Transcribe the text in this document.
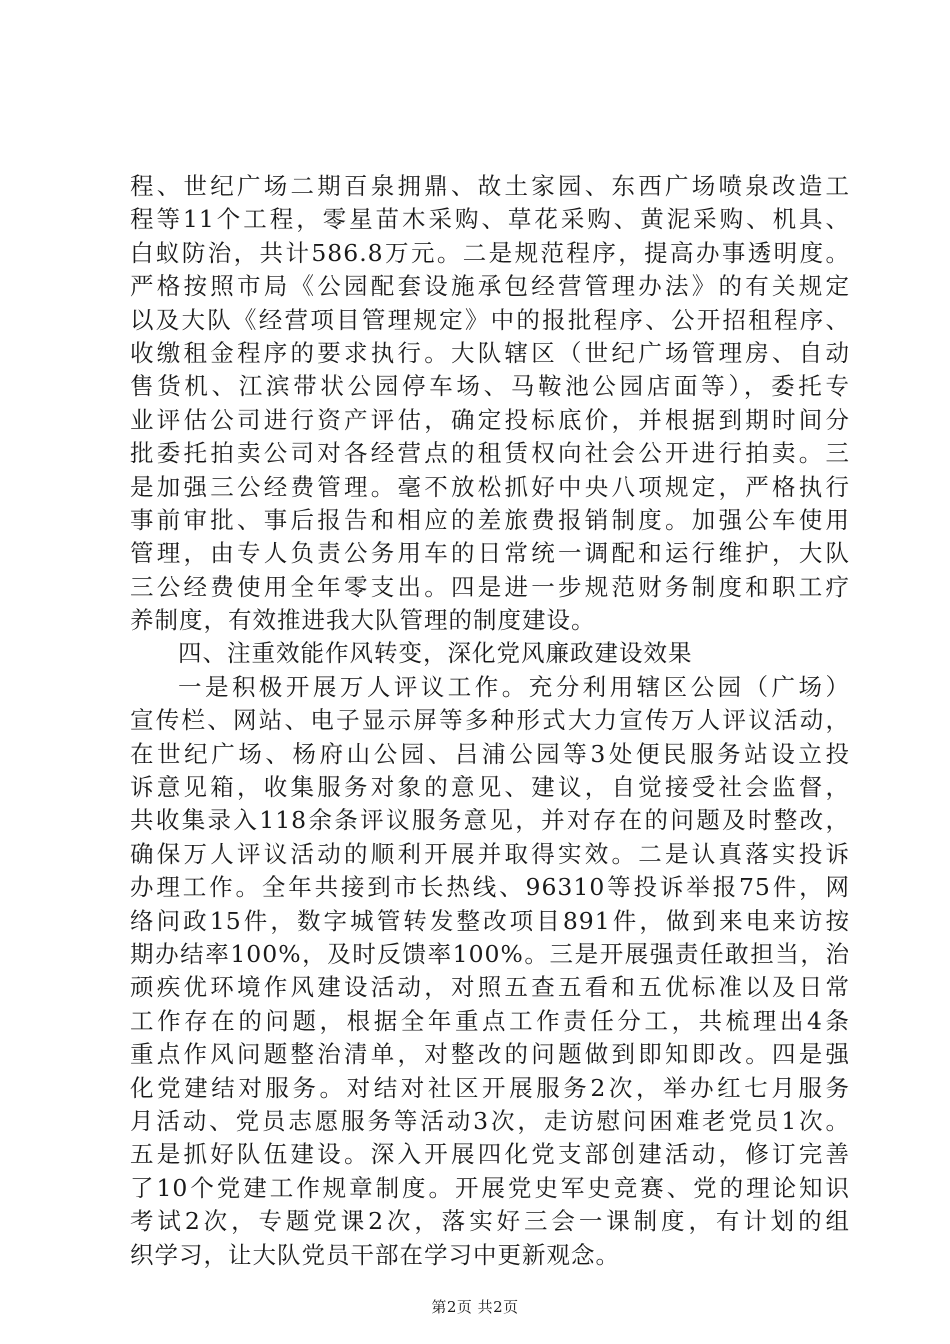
程、世纪广场二期百泉拥鼎、故土家园、东西广场喷泉改造工
程等11个工程，零星苗木采购、草花采购、黄泥采购、机具、
白蚁防治，共计586.8万元。二是规范程序，提高办事透明度。
严格按照市局《公园配套设施承包经营管理办法》的有关规定
以及大队《经营项目管理规定》中的报批程序、公开招租程序、
收缴租金程序的要求执行。大队辖区（世纪广场管理房、自动
售货机、江滨带状公园停车场、马鞍池公园店面等），委托专
业评估公司进行资产评估，确定投标底价，并根据到期时间分
批委托拍卖公司对各经营点的租赁权向社会公开进行拍卖。三
是加强三公经费管理。毫不放松抓好中央八项规定，严格执行
事前审批、事后报告和相应的差旅费报销制度。加强公车使用
管理，由专人负责公务用车的日常统一调配和运行维护，大队
三公经费使用全年零支出。四是进一步规范财务制度和职工疗
养制度，有效推进我大队管理的制度建设。
四、注重效能作风转变，深化党风廉政建设效果
一是积极开展万人评议工作。充分利用辖区公园（广场）
宣传栏、网站、电子显示屏等多种形式大力宣传万人评议活动，
在世纪广场、杨府山公园、吕浦公园等3处便民服务站设立投
诉意见箱，收集服务对象的意见、建议，自觉接受社会监督，
共收集录入118余条评议服务意见，并对存在的问题及时整改，
确保万人评议活动的顺利开展并取得实效。二是认真落实投诉
办理工作。全年共接到市长热线、96310等投诉举报75件，网
络问政15件，数字城管转发整改项目891件，做到来电来访按
期办结率100%，及时反馈率100%。三是开展强责任敢担当，治
顽疾优环境作风建设活动，对照五查五看和五优标准以及日常
工作存在的问题，根据全年重点工作责任分工，共梳理出4条
重点作风问题整治清单，对整改的问题做到即知即改。四是强
化党建结对服务。对结对社区开展服务2次，举办红七月服务
月活动、党员志愿服务等活动3次，走访慰问困难老党员1次。
五是抓好队伍建设。深入开展四化党支部创建活动，修订完善
了10个党建工作规章制度。开展党史军史竞赛、党的理论知识
考试2次，专题党课2次，落实好三会一课制度，有计划的组
织学习，让大队党员干部在学习中更新观念。
第2页 共2页
